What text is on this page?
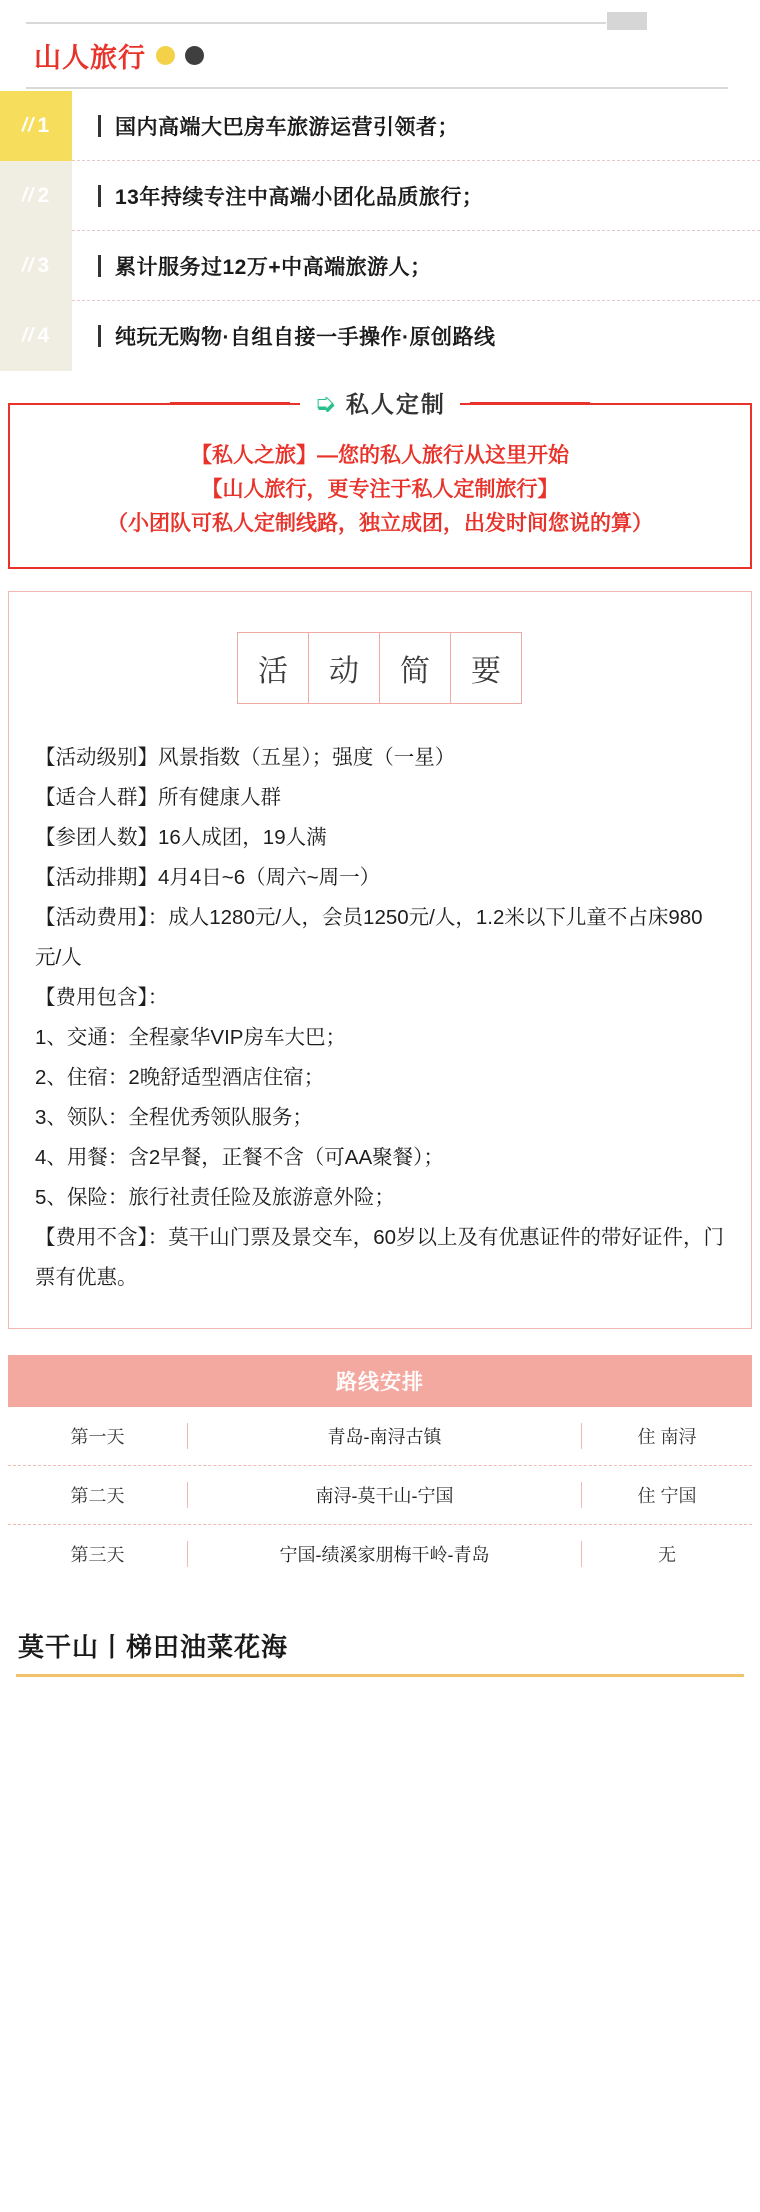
山人旅行
// 1	国内高端大巴房车旅游运营引领者；
// 2	13年持续专注中高端小团化品质旅行；
// 3	累计服务过12万+中高端旅游人；
// 4	纯玩无购物·自组自接一手操作·原创路线
➭ 私人定制

【私人之旅】—您的私人旅行从这里开始

【山人旅行，更专注于私人定制旅行】

（小团队可私人定制线路，独立成团，出发时间您说的算）

活	动	简	要
【活动级别】风景指数（五星）；强度（一星）
【适合人群】所有健康人群
【参团人数】16人成团，19人满
【活动排期】4月4日~6（周六~周一）
【活动费用】：成人1280元/人，会员1250元/人，1.2米以下儿童不占床980元/人
【费用包含】：
1、交通：全程豪华VIP房车大巴；
2、住宿：2晚舒适型酒店住宿；
3、领队：全程优秀领队服务；
4、用餐：含2早餐，正餐不含（可AA聚餐）；
5、保险：旅行社责任险及旅游意外险；
【费用不含】：莫干山门票及景交车，60岁以上及有优惠证件的带好证件，门票有优惠。
路线安排
第一天	青岛-南浔古镇	住 南浔
第二天	南浔-莫干山-宁国	住 宁国
第三天	宁国-绩溪家朋梅干岭-青岛	无
莫干山丨梯田油菜花海
